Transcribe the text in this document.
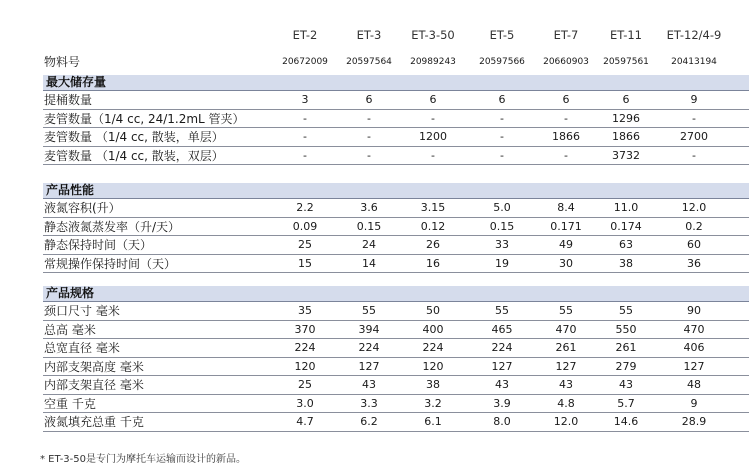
ET-2	ET-3	ET-3-50	ET-5	ET-7	ET-11	ET-12/4-9
物料号	20672009	20597564	20989243	20597566	20660903	20597561	20413194
最大储存量
提桶数量	3	6	6	6	6	6	9
麦管数量（1/4 cc, 24/1.2mL 管夹）	-	-	-	-	-	1296	-
麦管数量 （1/4 cc, 散装，单层）	-	-	1200	-	1866	1866	2700
麦管数量 （1/4 cc, 散装，双层）	-	-	-	-	-	3732	-
产品性能
液氮容积(升）	2.2	3.6	3.15	5.0	8.4	11.0	12.0
静态液氮蒸发率（升/天）	0.09	0.15	0.12	0.15	0.171	0.174	0.2
静态保持时间（天）	25	24	26	33	49	63	60
常规操作保持时间（天）	15	14	16	19	30	38	36
产品规格
颈口尺寸 毫米	35	55	50	55	55	55	90
总高 毫米	370	394	400	465	470	550	470
总宽直径 毫米	224	224	224	224	261	261	406
内部支架高度 毫米	120	127	120	127	127	279	127
内部支架直径 毫米	25	43	38	43	43	43	48
空重 千克	3.0	3.3	3.2	3.9	4.8	5.7	9
液氮填充总重 千克	4.7	6.2	6.1	8.0	12.0	14.6	28.9
* ET-3-50是专门为摩托车运输而设计的新品。
